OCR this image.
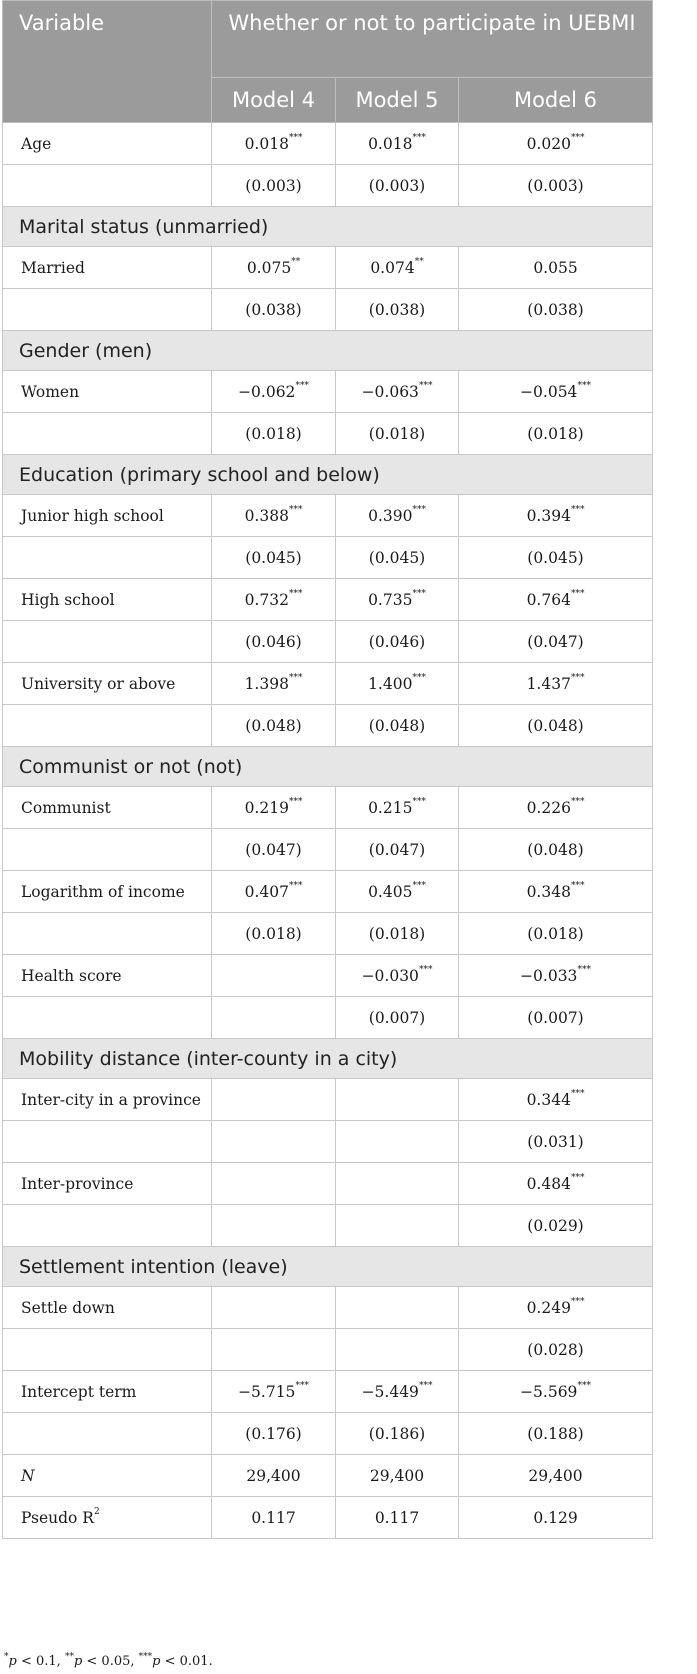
Variable	Whether or not to participate in UEBMI		
	Model 4	Model 5	Model 6
Age	0.018***	0.018***	0.020***
	(0.003)	(0.003)	(0.003)
Marital status (unmarried)			
Married	0.075**	0.074**	0.055
	(0.038)	(0.038)	(0.038)
Gender (men)			
Women	−0.062***	−0.063***	−0.054***
	(0.018)	(0.018)	(0.018)
Education (primary school and below)			
Junior high school	0.388***	0.390***	0.394***
	(0.045)	(0.045)	(0.045)
High school	0.732***	0.735***	0.764***
	(0.046)	(0.046)	(0.047)
University or above	1.398***	1.400***	1.437***
	(0.048)	(0.048)	(0.048)
Communist or not (not)			
Communist	0.219***	0.215***	0.226***
	(0.047)	(0.047)	(0.048)
Logarithm of income	0.407***	0.405***	0.348***
	(0.018)	(0.018)	(0.018)
Health score		−0.030***	−0.033***
		(0.007)	(0.007)
Mobility distance (inter-county in a city)			
Inter-city in a province			0.344***
			(0.031)
Inter-province			0.484***
			(0.029)
Settlement intention (leave)			
Settle down			0.249***
			(0.028)
Intercept term	−5.715***	−5.449***	−5.569***
	(0.176)	(0.186)	(0.188)
N	29,400	29,400	29,400
Pseudo $R^2$	0.117	0.117	0.129
*p < 0.1, **p < 0.05, ***p < 0.01.
